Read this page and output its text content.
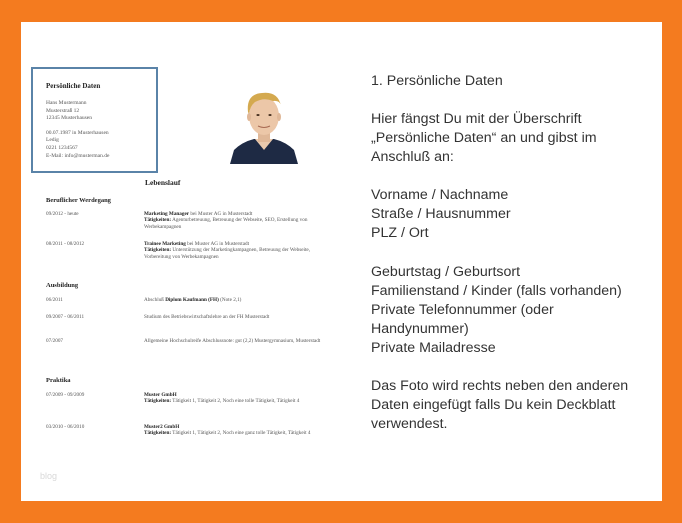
Persönliche Daten
Hans Mustermann
Musterstraß 12
12345 Musterhausen
00.07.1987 in Musterhausen
Ledig
0221 1234567
E-Mail: info@musterman.de
Lebenslauf
Beruflicher Werdegang
09/2012 - heute	Marketing Manager bei Muster AG in Musterstadt
Tätigkeiten: Agenturbetreuung, Betreuung der Webseite, SEO, Erstellung von Werbekampagnen
08/2011 - 08/2012	Trainee Marketing bei Muster AG in Musterstadt
Tätigkeiten: Unterstützung der Marketingkampagnen, Betreuung der Webseite, Vorbereitung von Werbekampagnen
Ausbildung
06/2011	Abschluß Diplom Kaufmann (FH) (Note 2,1)
09/2007 - 06/2011	Studium des Betriebswirtschaftslehre an der FH Musterstadt
07/2007	Allgemeine Hochschulreife Abschlussnote: gut (2,2) Mustergymnasium, Musterstadt
Praktika
07/2009 - 09/2009	Muster GmbH
Tätigkeiten: Tätigkeit 1, Tätigkeit 2, Noch eine tolle Tätigkeit, Tätigkeit 4
03/2010 - 06/2010	Muster2 GmbH
Tätigkeiten: Tätigkeit 1, Tätigkeit 2, Noch eine ganz tolle Tätigkeit, Tätigkeit 4
1. Persönliche Daten
Hier fängst Du mit der Überschrift
„Persönliche Daten“ an und gibst im
Anschluß an:
Vorname / Nachname
Straße / Hausnummer
PLZ / Ort
Geburtstag / Geburtsort
Familienstand / Kinder (falls vorhanden)
Private Telefonnummer (oder
Handynummer)
Private Mailadresse
Das Foto wird rechts neben den anderen
Daten eingefügt falls Du kein Deckblatt
verwendest.
blog
